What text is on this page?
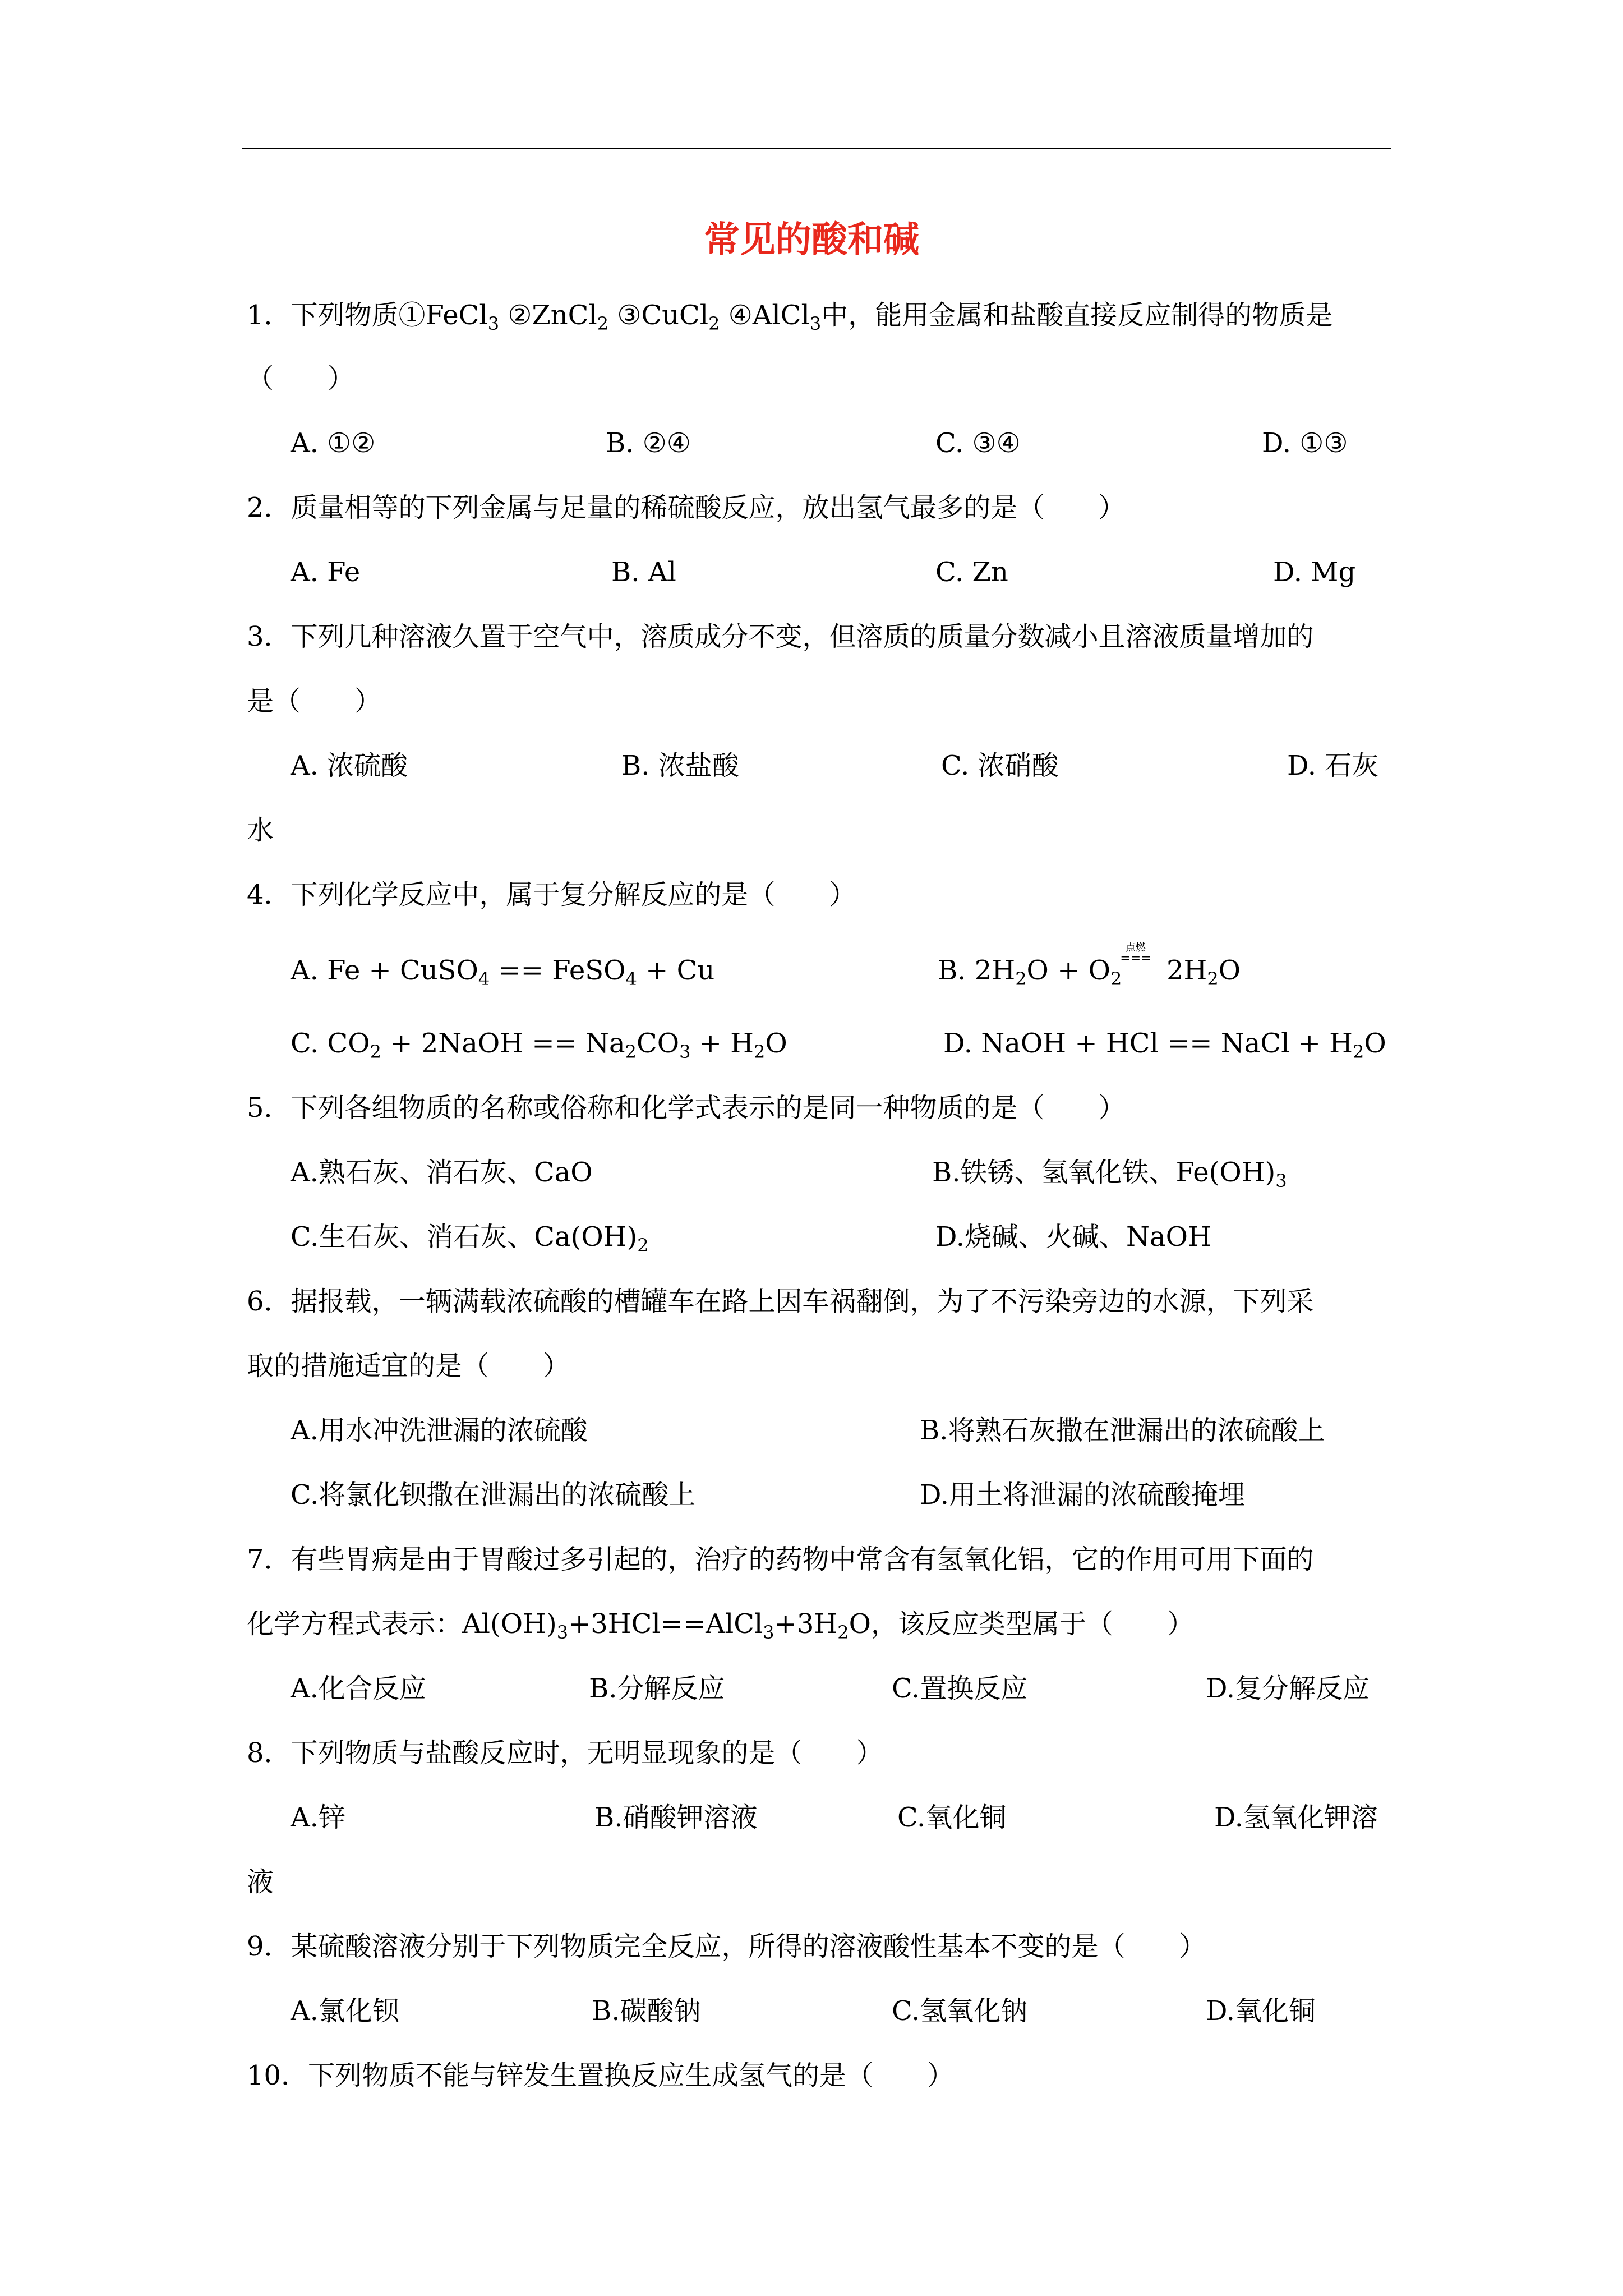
常见的酸和碱
1．下列物质①FeCl$_3$ ②ZnCl$_2$ ③CuCl$_2$ ④AlCl$_3$中，能用金属和盐酸直接反应制得的物质是
（　　）
A. ①②	B. ②④	C. ③④	D. ①③
2．质量相等的下列金属与足量的稀硫酸反应，放出氢气最多的是（　　）
A. Fe	B. Al	C. Zn	D. Mg
3．下列几种溶液久置于空气中，溶质成分不变，但溶质的质量分数减小且溶液质量增加的
是（　　）
A. 浓硫酸	B. 浓盐酸	C. 浓硝酸	D. 石灰
水
4．下列化学反应中，属于复分解反应的是（　　）
A. Fe + CuSO$_4$ == FeSO$_4$ + Cu	B. $2H_2O + O_2$
点燃
=== $2H_2O$
C. $CO_2$ + 2NaOH == $Na_2CO_3 + H_2O$	D. NaOH + HCl == NaCl + $H_2O$
5．下列各组物质的名称或俗称和化学式表示的是同一种物质的是（　　）
A.熟石灰、消石灰、CaO	B.铁锈、氢氧化铁、$Fe(OH)_3$
C.生石灰、消石灰、$Ca(OH)_2$	D.烧碱、火碱、NaOH
6．据报载，一辆满载浓硫酸的槽罐车在路上因车祸翻倒，为了不污染旁边的水源，下列采
取的措施适宜的是（　　）
A.用水冲洗泄漏的浓硫酸	B.将熟石灰撒在泄漏出的浓硫酸上
C.将氯化钡撒在泄漏出的浓硫酸上	D.用土将泄漏的浓硫酸掩埋
7．有些胃病是由于胃酸过多引起的，治疗的药物中常含有氢氧化铝，它的作用可用下面的
化学方程式表示：$Al(OH)_3+3HCl==AlCl_3+3H_2O$，该反应类型属于（　　）
A.化合反应	B.分解反应	C.置换反应	D.复分解反应
8．下列物质与盐酸反应时，无明显现象的是（　　）
A.锌	B.硝酸钾溶液	C.氧化铜	D.氢氧化钾溶
液
9．某硫酸溶液分别于下列物质完全反应，所得的溶液酸性基本不变的是（　　）
A.氯化钡	B.碳酸钠	C.氢氧化钠	D.氧化铜
10．下列物质不能与锌发生置换反应生成氢气的是（　　）
